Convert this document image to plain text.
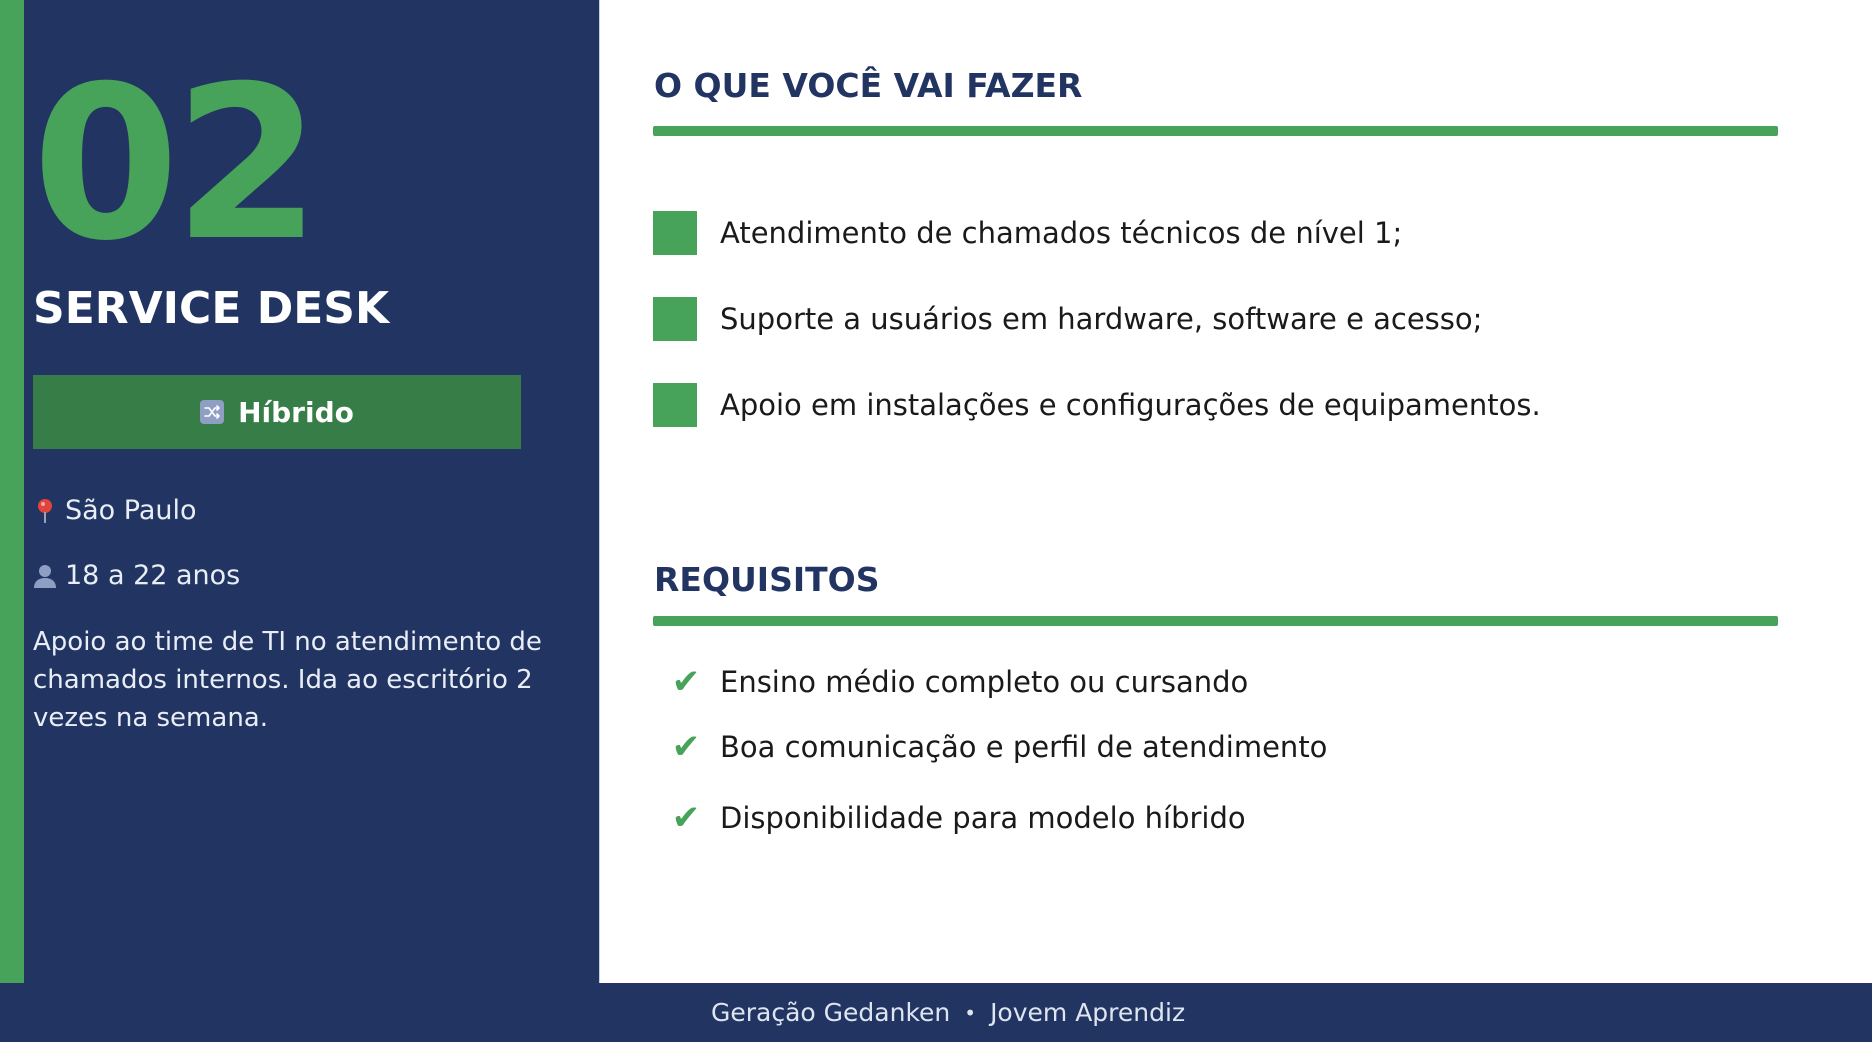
02
SERVICE DESK
Híbrido
São Paulo
18 a 22 anos
Apoio ao time de TI no atendimento de chamados internos. Ida ao escritório 2 vezes na semana.
O QUE VOCÊ VAI FAZER
Atendimento de chamados técnicos de nível 1;
Suporte a usuários em hardware, software e acesso;
Apoio em instalações e configurações de equipamentos.
REQUISITOS
✔ Ensino médio completo ou cursando
✔ Boa comunicação e perfil de atendimento
✔ Disponibilidade para modelo híbrido
Geração Gedanken • Jovem Aprendiz
